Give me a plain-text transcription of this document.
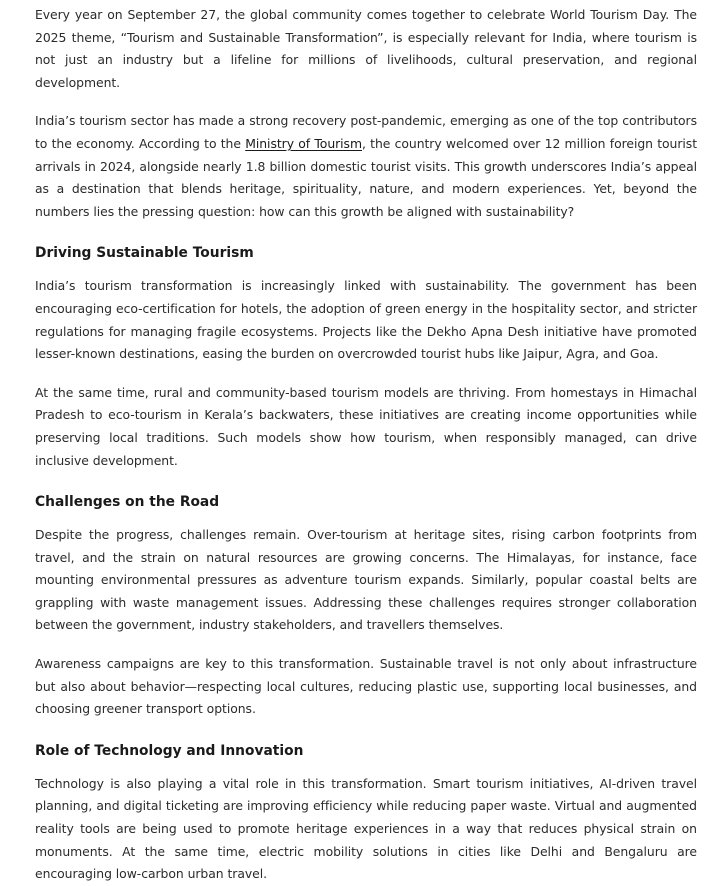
Every year on September 27, the global community comes together to celebrate World Tourism Day. The 2025 theme, “Tourism and Sustainable Transformation”, is especially relevant for India, where tourism is not just an industry but a lifeline for millions of livelihoods, cultural preservation, and regional development.

India’s tourism sector has made a strong recovery post-pandemic, emerging as one of the top contributors to the economy. According to the Ministry of Tourism, the country welcomed over 12 million foreign tourist arrivals in 2024, alongside nearly 1.8 billion domestic tourist visits. This growth underscores India’s appeal as a destination that blends heritage, spirituality, nature, and modern experiences. Yet, beyond the numbers lies the pressing question: how can this growth be aligned with sustainability?

Driving Sustainable Tourism

India’s tourism transformation is increasingly linked with sustainability. The government has been encouraging eco-certification for hotels, the adoption of green energy in the hospitality sector, and stricter regulations for managing fragile ecosystems. Projects like the Dekho Apna Desh initiative have promoted lesser-known destinations, easing the burden on overcrowded tourist hubs like Jaipur, Agra, and Goa.

At the same time, rural and community-based tourism models are thriving. From homestays in Himachal Pradesh to eco-tourism in Kerala’s backwaters, these initiatives are creating income opportunities while preserving local traditions. Such models show how tourism, when responsibly managed, can drive inclusive development.

Challenges on the Road

Despite the progress, challenges remain. Over-tourism at heritage sites, rising carbon footprints from travel, and the strain on natural resources are growing concerns. The Himalayas, for instance, face mounting environmental pressures as adventure tourism expands. Similarly, popular coastal belts are grappling with waste management issues. Addressing these challenges requires stronger collaboration between the government, industry stakeholders, and travellers themselves.

Awareness campaigns are key to this transformation. Sustainable travel is not only about infrastructure but also about behavior—respecting local cultures, reducing plastic use, supporting local businesses, and choosing greener transport options.

Role of Technology and Innovation

Technology is also playing a vital role in this transformation. Smart tourism initiatives, AI-driven travel planning, and digital ticketing are improving efficiency while reducing paper waste. Virtual and augmented reality tools are being used to promote heritage experiences in a way that reduces physical strain on monuments. At the same time, electric mobility solutions in cities like Delhi and Bengaluru are encouraging low-carbon urban travel.
